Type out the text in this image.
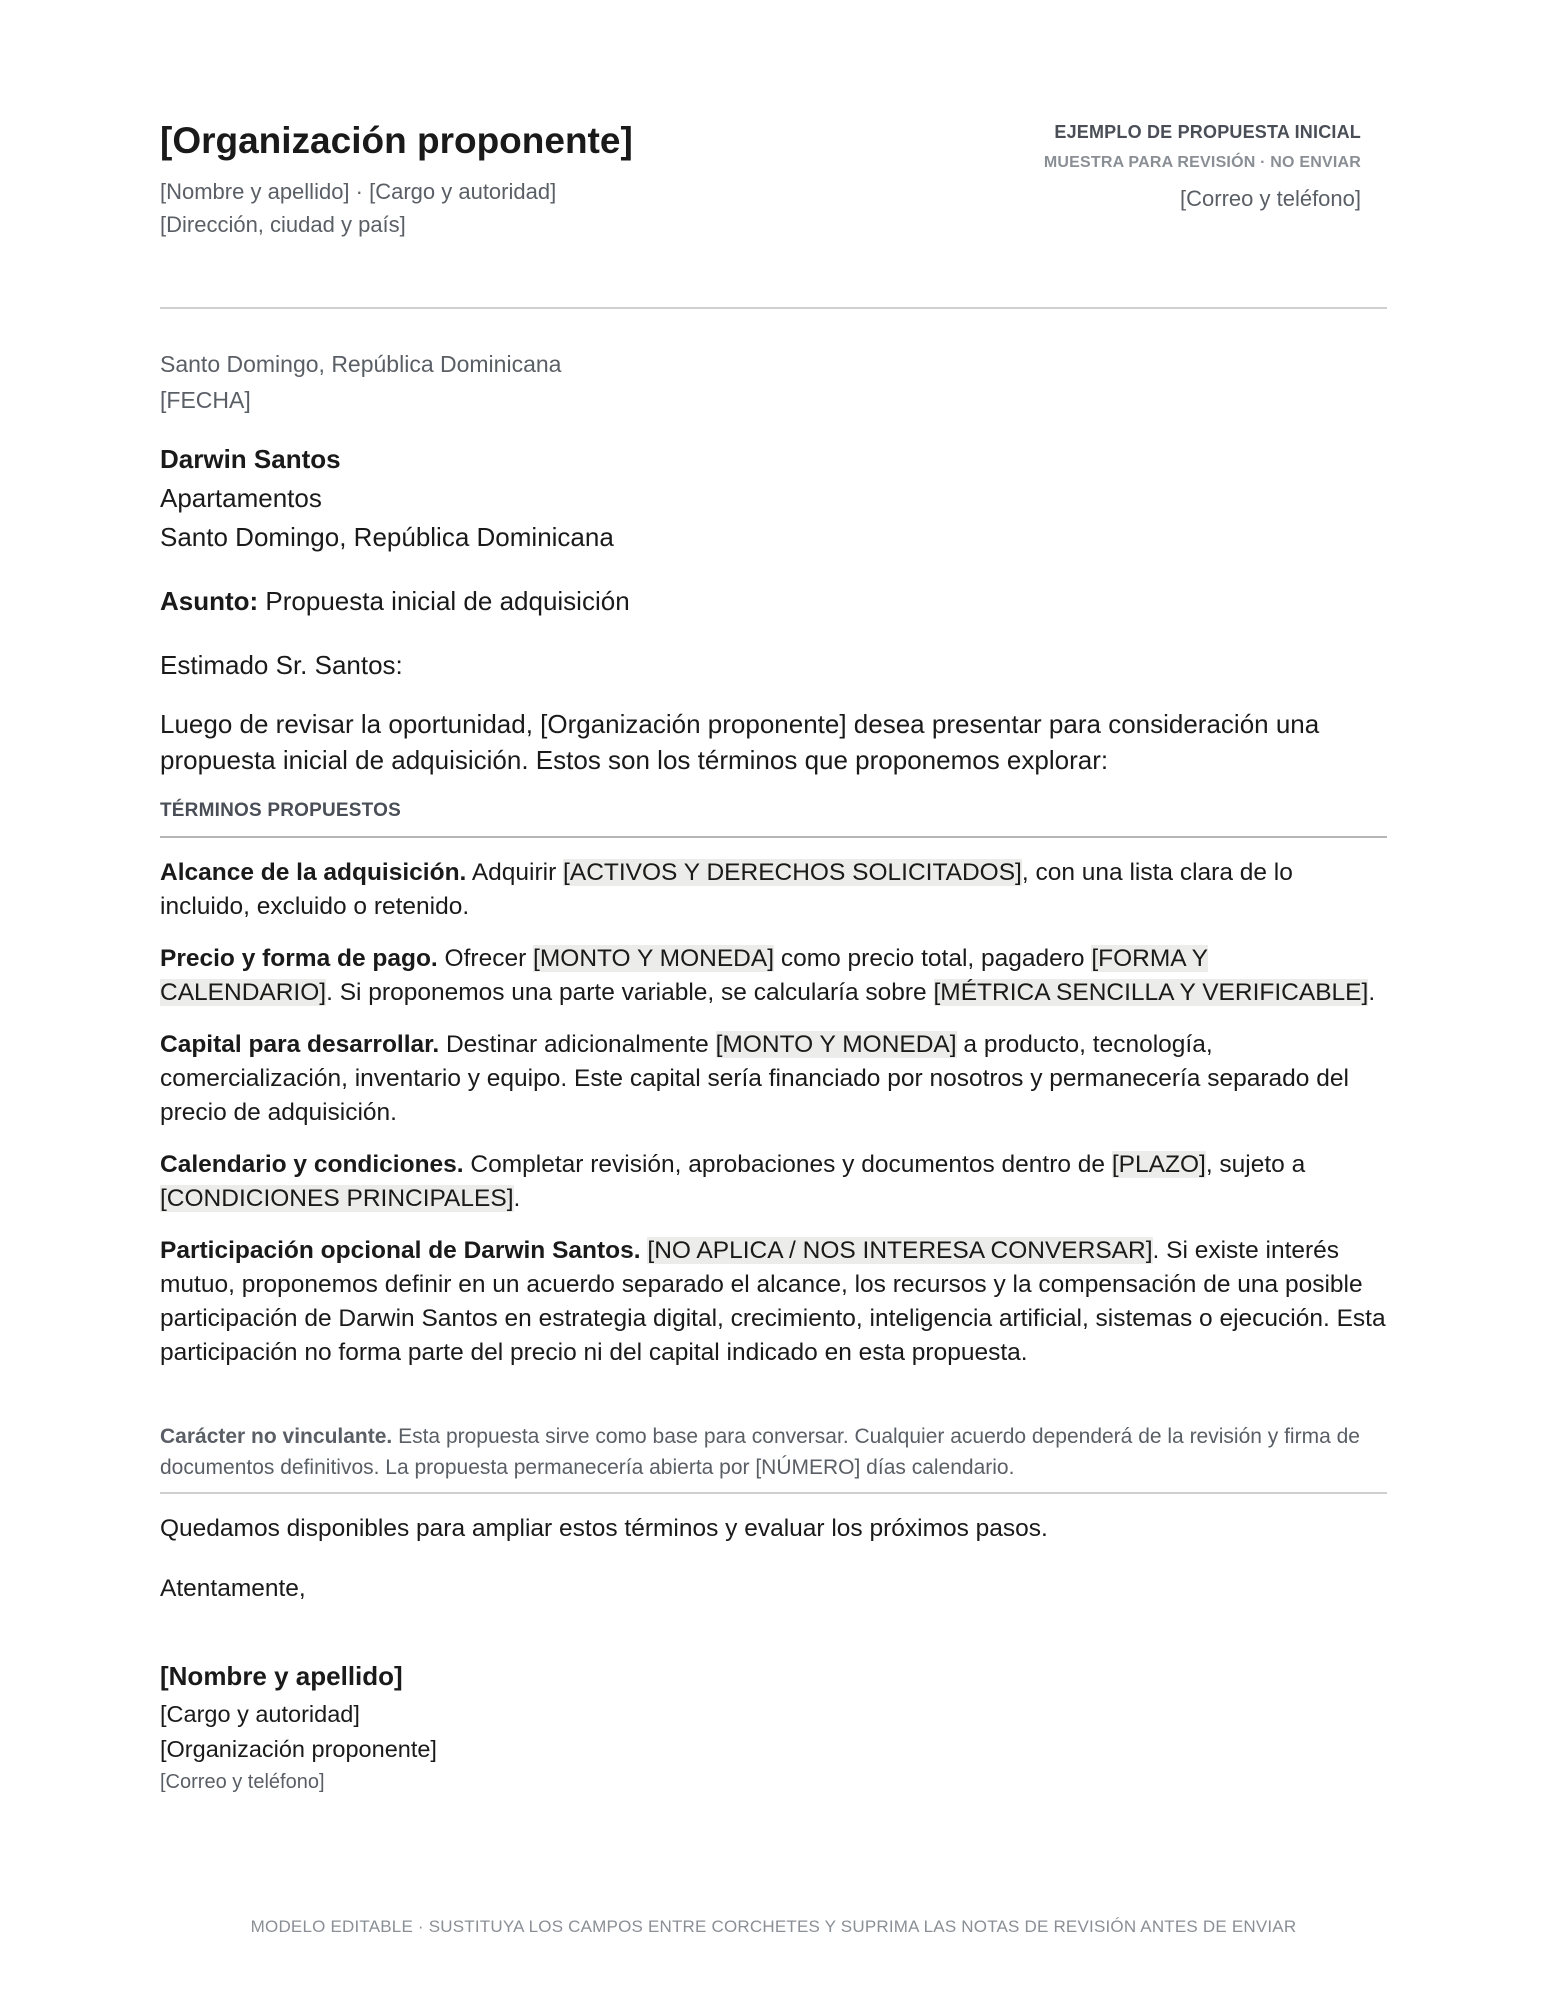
[Organización proponente]
[Nombre y apellido] · [Cargo y autoridad]
[Dirección, ciudad y país]
EJEMPLO DE PROPUESTA INICIAL
MUESTRA PARA REVISIÓN · NO ENVIAR
[Correo y teléfono]
Santo Domingo, República Dominicana
[FECHA]
Darwin Santos
Apartamentos
Santo Domingo, República Dominicana
Asunto: Propuesta inicial de adquisición
Estimado Sr. Santos:
Luego de revisar la oportunidad, [Organización proponente] desea presentar para consideración una propuesta inicial de adquisición. Estos son los términos que proponemos explorar:
TÉRMINOS PROPUESTOS

Alcance de la adquisición. Adquirir [ACTIVOS Y DERECHOS SOLICITADOS], con una lista clara de lo incluido, excluido o retenido.

Precio y forma de pago. Ofrecer [MONTO Y MONEDA] como precio total, pagadero [FORMA Y CALENDARIO]. Si proponemos una parte variable, se calcularía sobre [MÉTRICA SENCILLA Y VERIFICABLE].

Capital para desarrollar. Destinar adicionalmente [MONTO Y MONEDA] a producto, tecnología, comercialización, inventario y equipo. Este capital sería financiado por nosotros y permanecería separado del precio de adquisición.

Calendario y condiciones. Completar revisión, aprobaciones y documentos dentro de [PLAZO], sujeto a [CONDICIONES PRINCIPALES].

Participación opcional de Darwin Santos. [NO APLICA / NOS INTERESA CONVERSAR]. Si existe interés mutuo, proponemos definir en un acuerdo separado el alcance, los recursos y la compensación de una posible participación de Darwin Santos en estrategia digital, crecimiento, inteligencia artificial, sistemas o ejecución. Esta participación no forma parte del precio ni del capital indicado en esta propuesta.

Carácter no vinculante. Esta propuesta sirve como base para conversar. Cualquier acuerdo dependerá de la revisión y firma de documentos definitivos. La propuesta permanecería abierta por [NÚMERO] días calendario.
Quedamos disponibles para ampliar estos términos y evaluar los próximos pasos.
Atentamente,
[Nombre y apellido]
[Cargo y autoridad]
[Organización proponente]
[Correo y teléfono]
MODELO EDITABLE · SUSTITUYA LOS CAMPOS ENTRE CORCHETES Y SUPRIMA LAS NOTAS DE REVISIÓN ANTES DE ENVIAR
